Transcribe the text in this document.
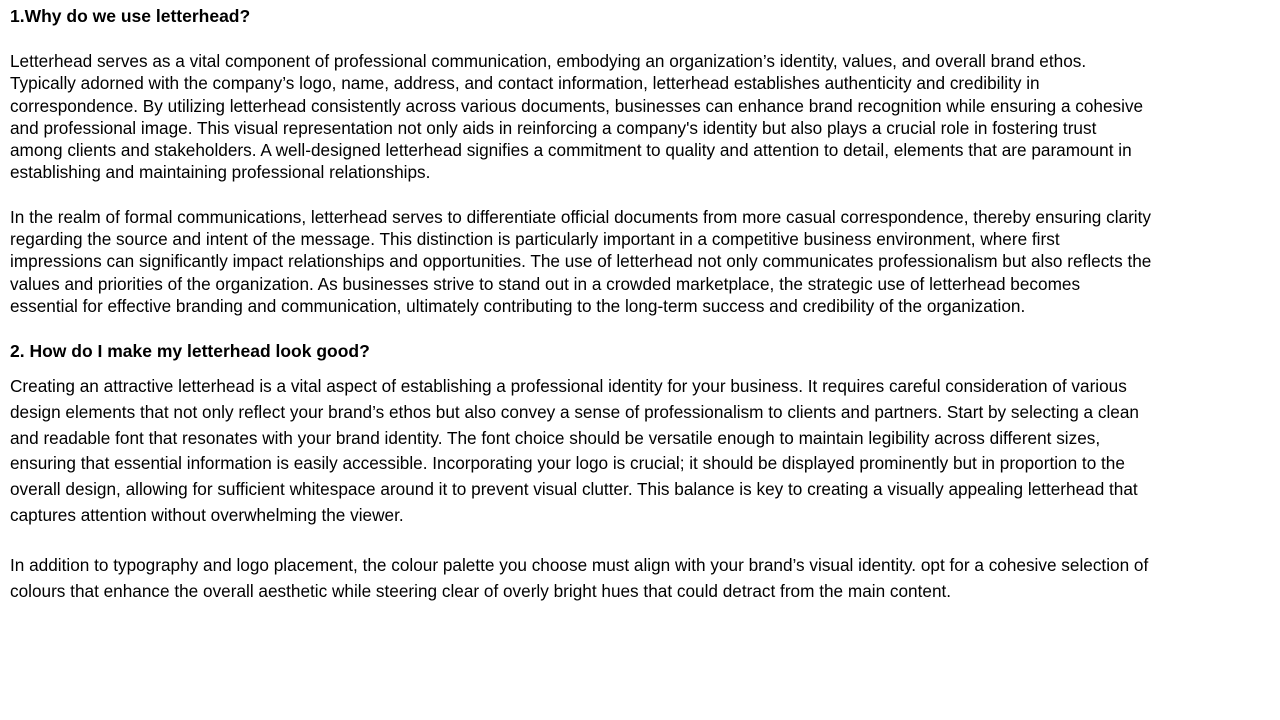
1.Why do we use letterhead?

Letterhead serves as a vital component of professional communication, embodying an organization’s identity, values, and overall brand ethos.
Typically adorned with the company’s logo, name, address, and contact information, letterhead establishes authenticity and credibility in
correspondence. By utilizing letterhead consistently across various documents, businesses can enhance brand recognition while ensuring a cohesive
and professional image. This visual representation not only aids in reinforcing a company's identity but also plays a crucial role in fostering trust
among clients and stakeholders. A well-designed letterhead signifies a commitment to quality and attention to detail, elements that are paramount in
establishing and maintaining professional relationships.

In the realm of formal communications, letterhead serves to differentiate official documents from more casual correspondence, thereby ensuring clarity
regarding the source and intent of the message. This distinction is particularly important in a competitive business environment, where first
impressions can significantly impact relationships and opportunities. The use of letterhead not only communicates professionalism but also reflects the
values and priorities of the organization. As businesses strive to stand out in a crowded marketplace, the strategic use of letterhead becomes
essential for effective branding and communication, ultimately contributing to the long-term success and credibility of the organization.

2. How do I make my letterhead look good?

Creating an attractive letterhead is a vital aspect of establishing a professional identity for your business. It requires careful consideration of various
design elements that not only reflect your brand’s ethos but also convey a sense of professionalism to clients and partners. Start by selecting a clean
and readable font that resonates with your brand identity. The font choice should be versatile enough to maintain legibility across different sizes,
ensuring that essential information is easily accessible. Incorporating your logo is crucial; it should be displayed prominently but in proportion to the
overall design, allowing for sufficient whitespace around it to prevent visual clutter. This balance is key to creating a visually appealing letterhead that
captures attention without overwhelming the viewer.

In addition to typography and logo placement, the colour palette you choose must align with your brand’s visual identity. opt for a cohesive selection of
colours that enhance the overall aesthetic while steering clear of overly bright hues that could detract from the main content.
